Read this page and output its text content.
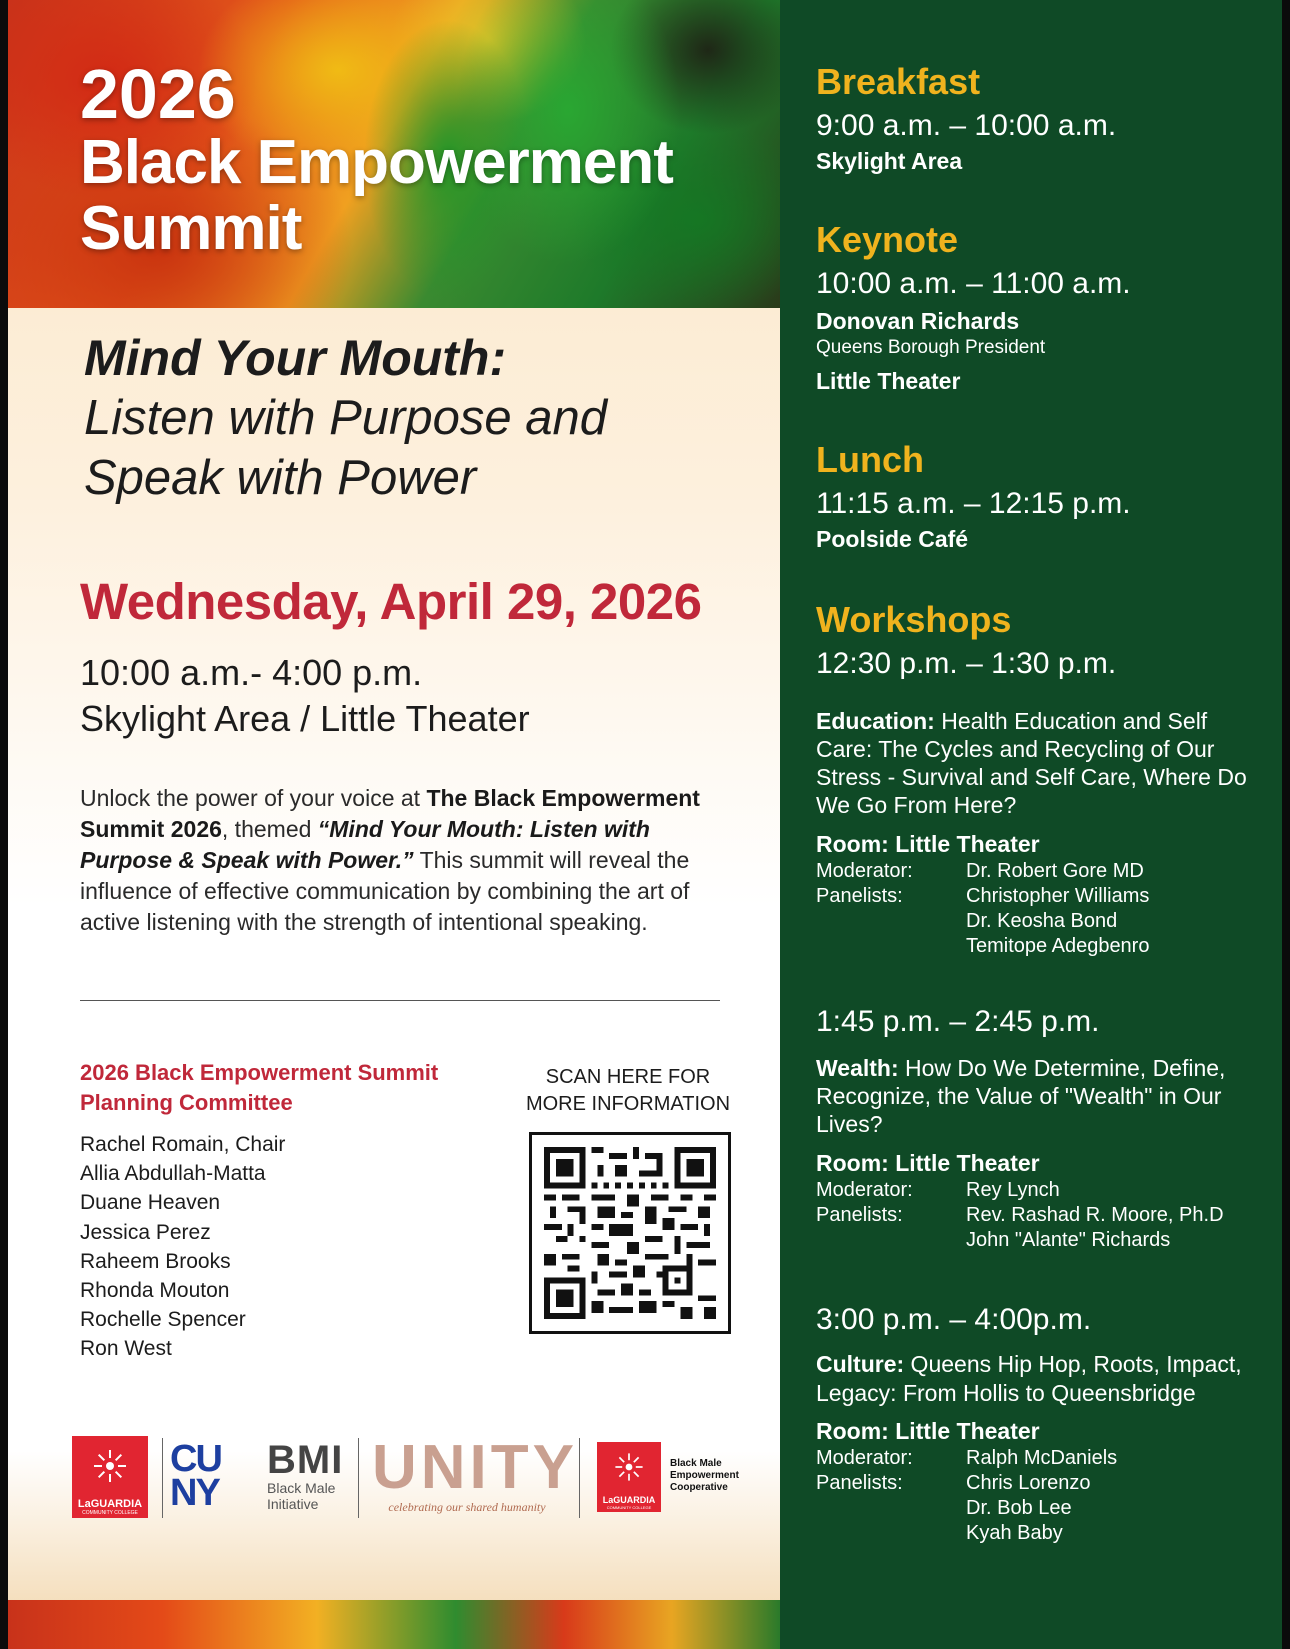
2026
Black Empowerment
Summit
Mind Your Mouth:
Listen with Purpose and
Speak with Power
Wednesday, April 29, 2026
10:00 a.m.- 4:00 p.m.
Skylight Area / Little Theater
Unlock the power of your voice at The Black Empowerment Summit 2026, themed “Mind Your Mouth: Listen with Purpose & Speak with Power.” This summit will reveal the influence of effective communication by combining the art of active listening with the strength of intentional speaking.
2026 Black Empowerment Summit
Planning Committee
Rachel Romain, Chair
Allia Abdullah-Matta
Duane Heaven
Jessica Perez
Raheem Brooks
Rhonda Mouton
Rochelle Spencer
Ron West
SCAN HERE FOR
MORE INFORMATION
LaGUARDIA
COMMUNITY COLLEGE
CU
NY
BMI
Black Male
Initiative
UNITY
celebrating our shared humanity	LaGUARDIA
COMMUNITY COLLEGE
Black Male
Empowerment
Cooperative
Breakfast
9:00 a.m. – 10:00 a.m.
Skylight Area
Keynote
10:00 a.m. – 11:00 a.m.
Donovan Richards
Queens Borough President
Little Theater
Lunch
11:15 a.m. – 12:15 p.m.
Poolside Café
Workshops
12:30 p.m. – 1:30 p.m.
Education: Health Education and Self Care: The Cycles and Recycling of Our Stress - Survival and Self Care, Where Do We Go From Here?
Room: Little Theater
Moderator:	Dr. Robert Gore MD
Panelists:	Christopher Williams
Dr. Keosha Bond
Temitope Adegbenro
1:45 p.m. – 2:45 p.m.
Wealth: How Do We Determine, Define, Recognize, the Value of "Wealth" in Our Lives?
Room: Little Theater
Moderator:	Rey Lynch
Panelists:	Rev. Rashad R. Moore, Ph.D
John "Alante" Richards
3:00 p.m. – 4:00p.m.
Culture: Queens Hip Hop, Roots, Impact, Legacy: From Hollis to Queensbridge
Room: Little Theater
Moderator:	Ralph McDaniels
Panelists:	Chris Lorenzo
Dr. Bob Lee
Kyah Baby
